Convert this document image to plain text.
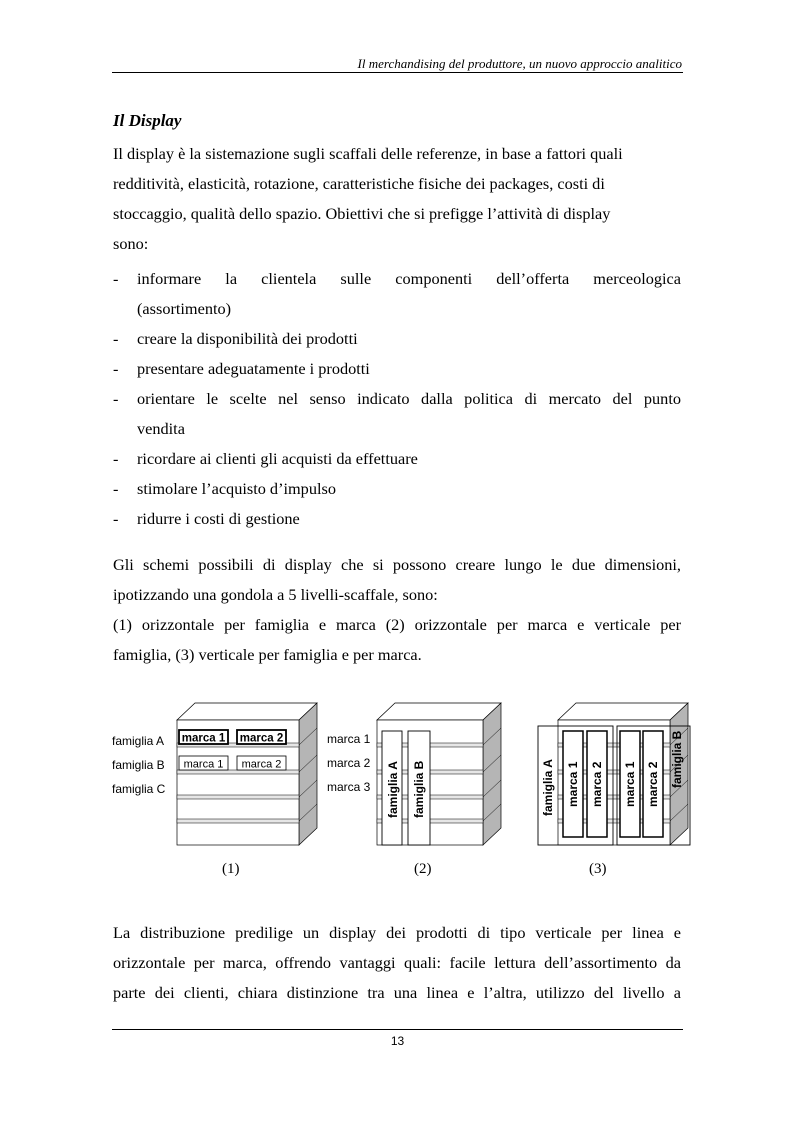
Il merchandising del produttore, un nuovo approccio analitico
Il Display
Il display è la sistemazione sugli scaffali delle referenze, in base a fattori quali
redditività, elasticità, rotazione, caratteristiche fisiche dei packages, costi di
stoccaggio, qualità dello spazio. Obiettivi che si prefigge l’attività di display
sono:
- informare la clientela sulle componenti dell’offerta merceologica
(assortimento)
- creare la disponibilità dei prodotti
- presentare adeguatamente i prodotti
- orientare le scelte nel senso indicato dalla politica di mercato del punto
vendita
- ricordare ai clienti gli acquisti da effettuare
- stimolare l’acquisto d’impulso
- ridurre i costi di gestione
Gli schemi possibili di display che si possono creare lungo le due dimensioni,
ipotizzando una gondola a 5 livelli-scaffale, sono:
(1) orizzontale per famiglia e marca (2) orizzontale per marca e verticale per
famiglia, (3) verticale per famiglia e per marca.
marca 1 marca 2
marca 1 marca 2
famiglia A
famiglia B
famiglia C	famiglia A famiglia B
marca 1
marca 2
marca 3	famiglia A	famiglia B
marca 1 marca 2 marca 1 marca 2
(1)	(2)	(3)
La distribuzione predilige un display dei prodotti di tipo verticale per linea e
orizzontale per marca, offrendo vantaggi quali: facile lettura dell’assortimento da
parte dei clienti, chiara distinzione tra una linea e l’altra, utilizzo del livello a
13
